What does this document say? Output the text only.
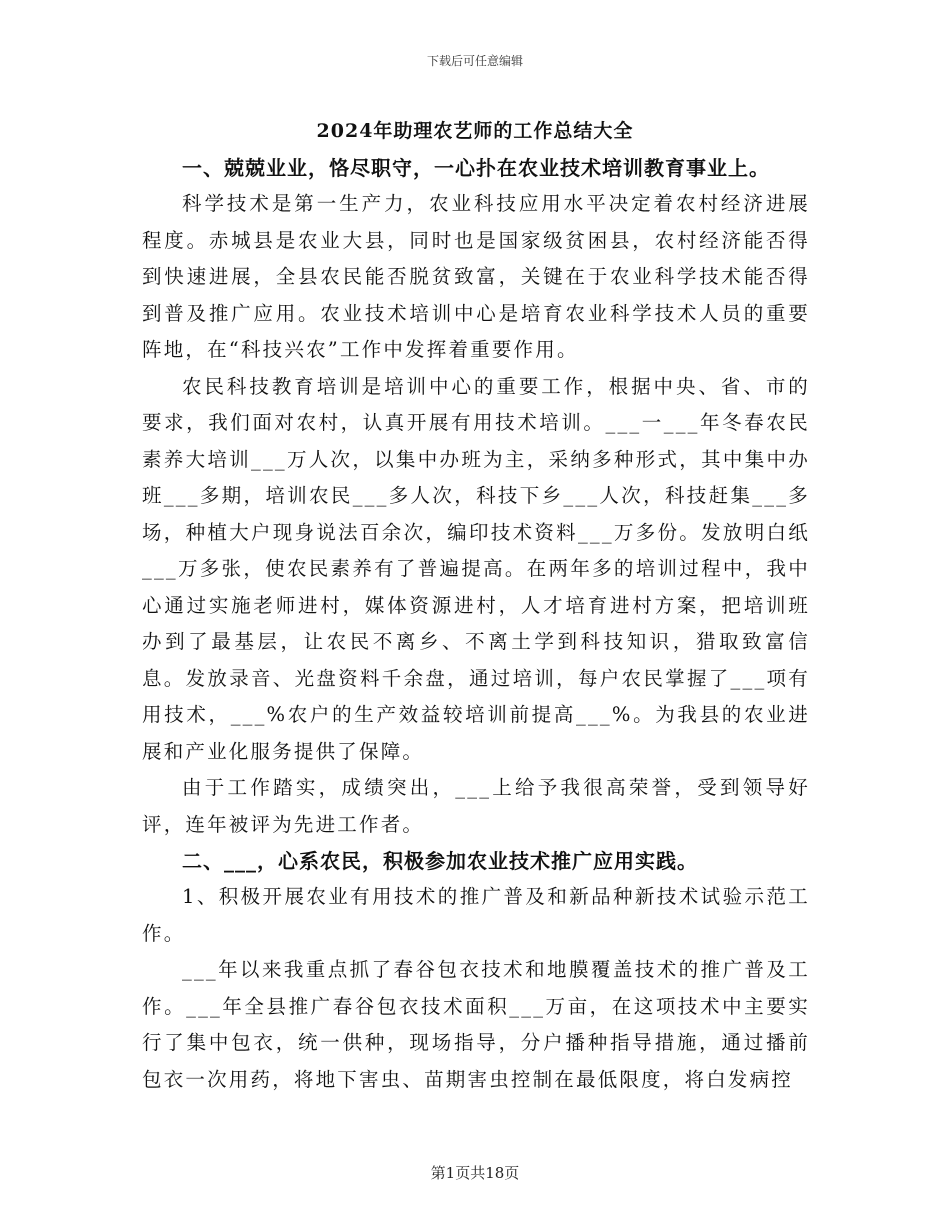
下载后可任意编辑
2024年助理农艺师的工作总结大全

一、兢兢业业，恪尽职守，一心扑在农业技术培训教育事业上。

科学技术是第一生产力，农业科技应用水平决定着农村经济进展程度。赤城县是农业大县，同时也是国家级贫困县，农村经济能否得到快速进展，全县农民能否脱贫致富，关键在于农业科学技术能否得到普及推广应用。农业技术培训中心是培育农业科学技术人员的重要阵地，在“科技兴农”工作中发挥着重要作用。

农民科技教育培训是培训中心的重要工作，根据中央、省、市的要求，我们面对农村，认真开展有用技术培训。___一___年冬春农民素养大培训___万人次，以集中办班为主，采纳多种形式，其中集中办班___多期，培训农民___多人次，科技下乡___人次，科技赶集___多场，种植大户现身说法百余次，编印技术资料___万多份。发放明白纸___万多张，使农民素养有了普遍提高。在两年多的培训过程中，我中心通过实施老师进村，媒体资源进村，人才培育进村方案，把培训班办到了最基层，让农民不离乡、不离土学到科技知识，猎取致富信息。发放录音、光盘资料千余盘，通过培训，每户农民掌握了___项有用技术，___%农户的生产效益较培训前提高___%。为我县的农业进展和产业化服务提供了保障。

由于工作踏实，成绩突出，___上给予我很高荣誉，受到领导好评，连年被评为先进工作者。

二、___，心系农民，积极参加农业技术推广应用实践。

1、积极开展农业有用技术的推广普及和新品种新技术试验示范工作。

___年以来我重点抓了春谷包衣技术和地膜覆盖技术的推广普及工作。___年全县推广春谷包衣技术面积___万亩，在这项技术中主要实行了集中包衣，统一供种，现场指导，分户播种指导措施，通过播前包衣一次用药，将地下害虫、苗期害虫控制在最低限度，将白发病控

第1页共18页
